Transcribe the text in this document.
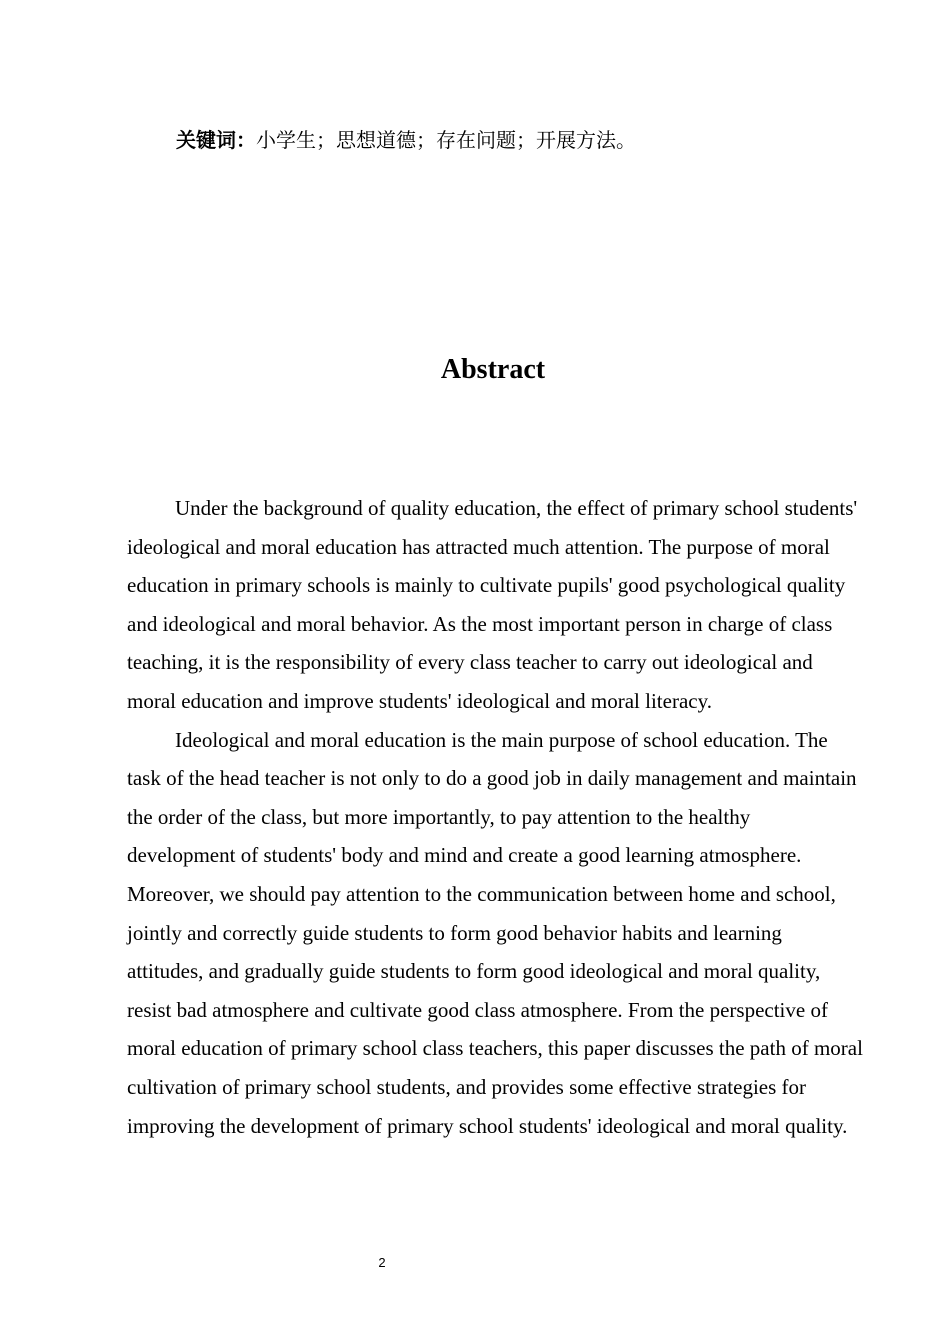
关键词：小学生；思想道德；存在问题；开展方法。
Abstract

Under the background of quality education, the effect of primary school students' ideological and moral education has attracted much attention. The purpose of moral education in primary schools is mainly to cultivate pupils' good psychological quality and ideological and moral behavior. As the most important person in charge of class teaching, it is the responsibility of every class teacher to carry out ideological and moral education and improve students' ideological and moral literacy.

Ideological and moral education is the main purpose of school education. The task of the head teacher is not only to do a good job in daily management and maintain the order of the class, but more importantly, to pay attention to the healthy development of students' body and mind and create a good learning atmosphere. Moreover, we should pay attention to the communication between home and school, jointly and correctly guide students to form good behavior habits and learning attitudes, and gradually guide students to form good ideological and moral quality, resist bad atmosphere and cultivate good class atmosphere. From the perspective of moral education of primary school class teachers, this paper discusses the path of moral cultivation of primary school students, and provides some effective strategies for improving the development of primary school students' ideological and moral quality.

2
